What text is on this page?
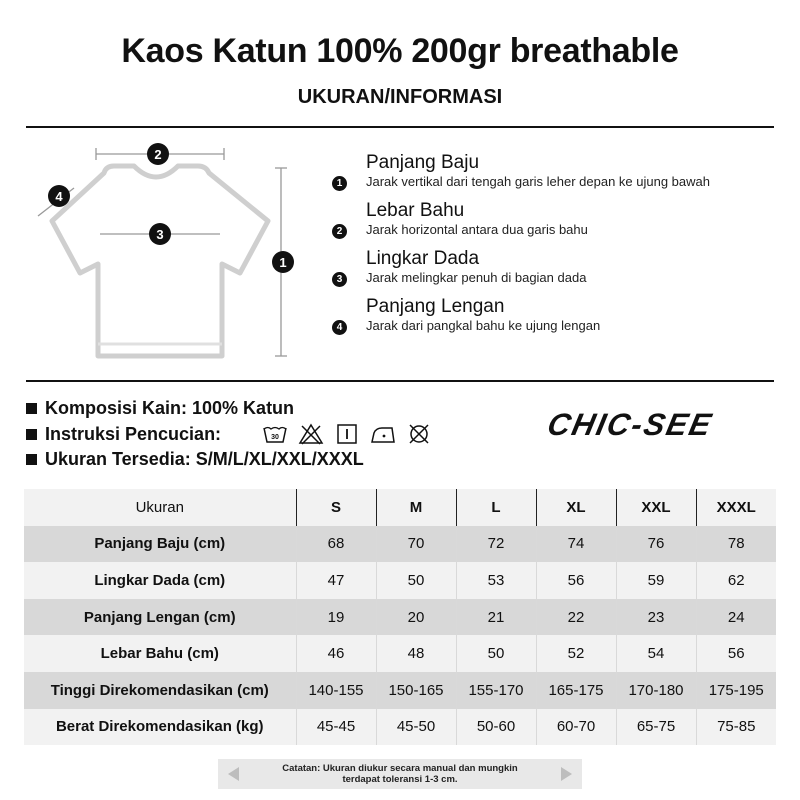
Kaos Katun 100% 200gr breathable
UKURAN/INFORMASI
2
3
1
4
1
Panjang Baju
Jarak vertikal dari tengah garis leher depan ke ujung bawah
2
Lebar Bahu
Jarak horizontal antara dua garis bahu
3
Lingkar Dada
Jarak melingkar penuh di bagian dada
4
Panjang Lengan
Jarak dari pangkal bahu ke ujung lengan
Komposisi Kain: 100% Katun
Instruksi Pencucian:	30
Ukuran Tersedia: S/M/L/XL/XXL/XXXL
CHIC-SEE
Ukuran	S	M	L	XL	XXL	XXXL
Panjang Baju (cm)	68	70	72	74	76	78
Lingkar Dada (cm)	47	50	53	56	59	62
Panjang Lengan (cm)	19	20	21	22	23	24
Lebar Bahu (cm)	46	48	50	52	54	56
Tinggi Direkomendasikan (cm)	140-155	150-165	155-170	165-175	170-180	175-195
Berat Direkomendasikan (kg)	45-45	45-50	50-60	60-70	65-75	75-85
Catatan: Ukuran diukur secara manual dan mungkin terdapat toleransi 1-3 cm.
